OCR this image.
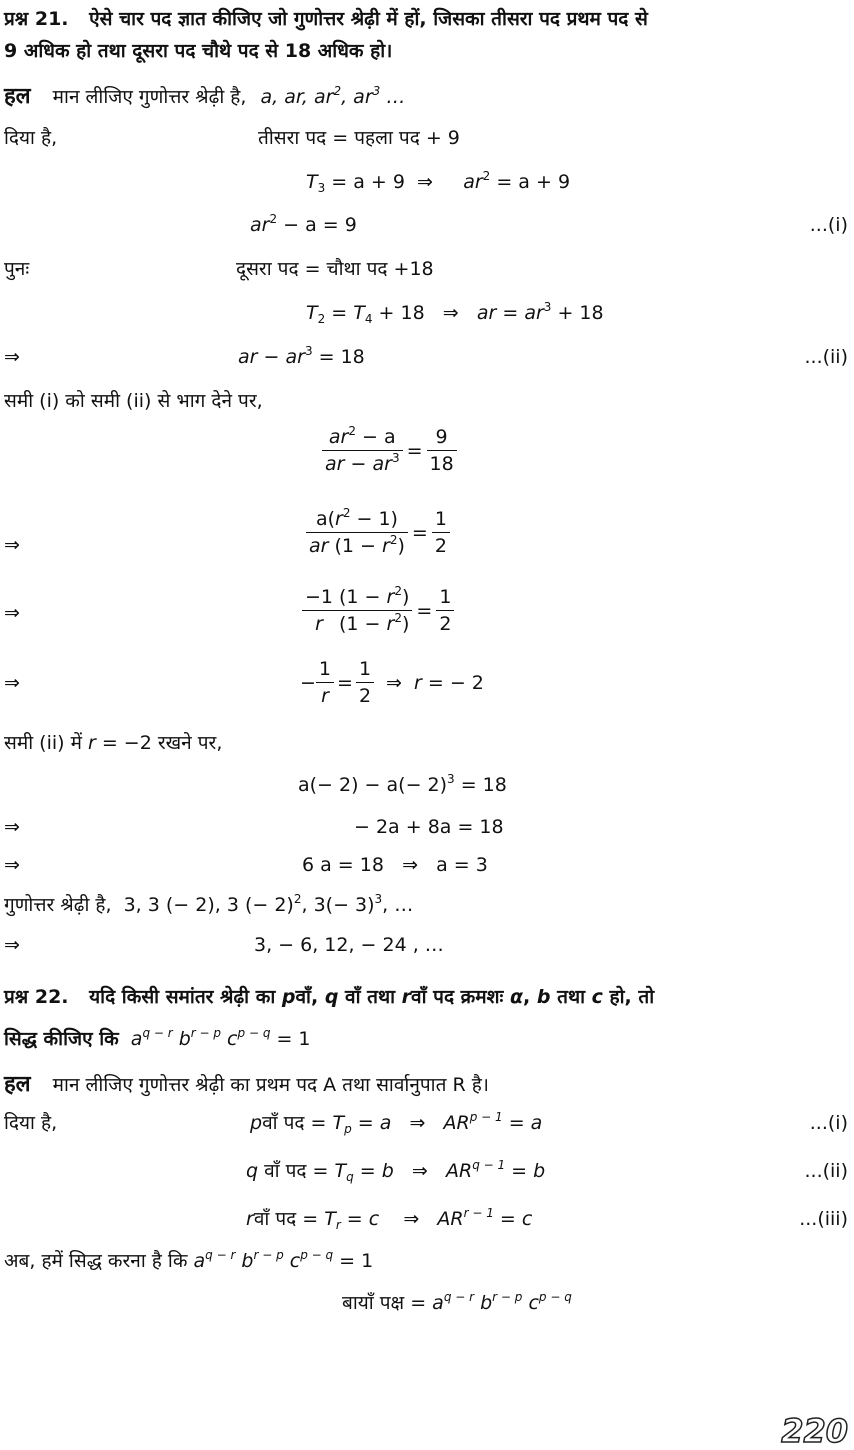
प्रश्न 21. ऐसे चार पद ज्ञात कीजिए जो गुणोत्तर श्रेढ़ी में हों, जिसका तीसरा पद प्रथम पद से
9 अधिक हो तथा दूसरा पद चौथे पद से 18 अधिक हो।
हल मान लीजिए गुणोत्तर श्रेढ़ी है, a, ar, $ar^2$, $ar^3$ …
दिया है,	तीसरा पद = पहला पद + 9
$T_3 = a + 9$  ⇒     $ar^2 = a + 9$
$ar^2 - a = 9$	...(i)
पुनः	दूसरा पद = चौथा पद +18
$T_2 = T_4 + 18$   ⇒   ar = $ar^3 + 18$
⇒	ar − $ar^3 = 18$	...(ii)
समी (i) को समी (ii) से भाग देने पर,
$\frac{ar^2 - a}{ar - ar^3} = \frac{9}{18}$
⇒	$\frac{a(r^2 - 1)}{ar (1 - r^2)} = \frac{1}{2}$
⇒	$\frac{-1}{r} \frac{(1 - r^2)}{(1 - r^2)} = \frac{1}{2}$
⇒	− $\frac{1}{r} = \frac{1}{2}$ ⇒  r = − 2
समी (ii) में r = −2 रखने पर,
$a(- 2) - a(- 2)^3 = 18$
⇒	− 2a + 8a = 18
⇒	6 a = 18   ⇒   a = 3
गुणोत्तर श्रेढ़ी है, 3, 3 (− 2), 3 (− 2)$^2$, $3(- 3)^3$, …
⇒	3, − 6, 12, − 24 , …
प्रश्न 22. यदि किसी समांतर श्रेढ़ी का pवाँ, q वाँ तथा rवाँ पद क्रमशः α, b तथा c हो, तो
सिद्ध कीजिए कि $a^{q - r}$ $b^{r - p}$ $c^{p - q} = 1$
हल मान लीजिए गुणोत्तर श्रेढ़ी का प्रथम पद A तथा सार्वानुपात R है।
दिया है,	pवाँ पद = $T_p = a$   ⇒   $AR^{p - 1} = a$	...(i)
q वाँ पद = $T_q = b$   ⇒   $AR^{q - 1} = b$	...(ii)
rवाँ पद = $T_r = c$    ⇒   $AR^{r - 1} = c$	...(iii)
अब, हमें सिद्ध करना है कि $a^{q - r}$ $b^{r - p}$ $c^{p - q} = 1$
बायाँ पक्ष = $a^{q - r}$ $b^{r - p}$ $c^{p - q}$
220
